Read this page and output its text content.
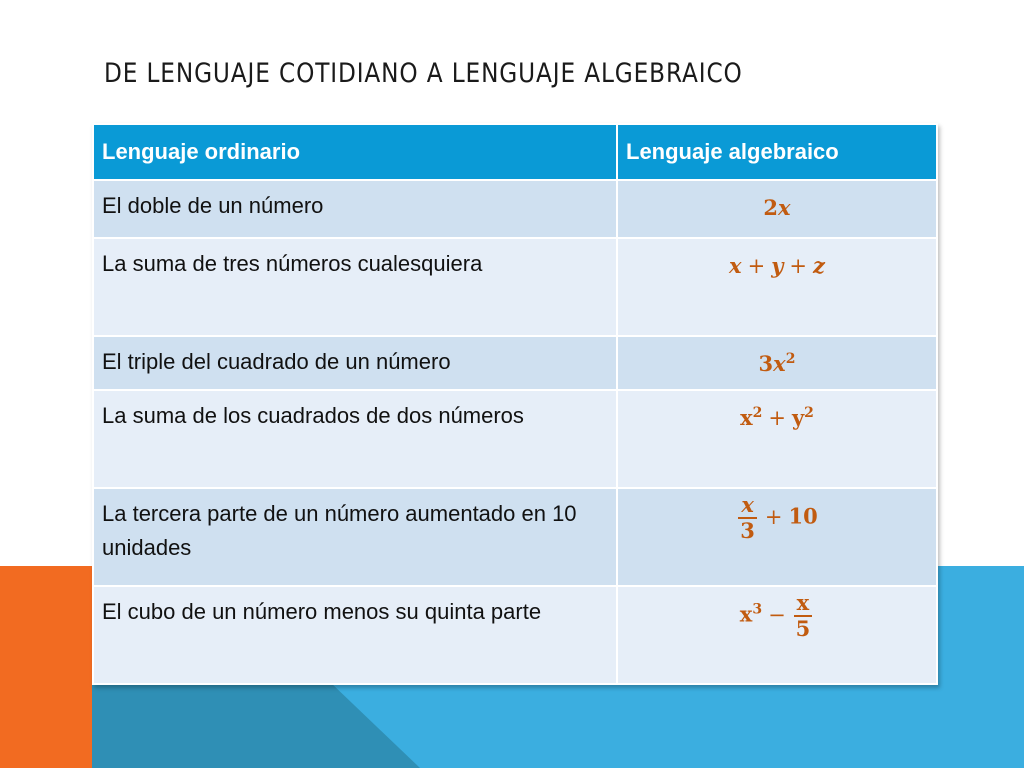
DE LENGUAJE COTIDIANO A LENGUAJE ALGEBRAICO
Lenguaje ordinario	Lenguaje algebraico
El doble de un número	2x
La suma de tres números cualesquiera	x + y + z
El triple del cuadrado de un número	$3x^2$
La suma de los cuadrados de dos números	$x^2 + y^2$
La tercera parte de un número aumentado en 10 unidades	$\frac{x}{3} + 10$
El cubo de un número menos su quinta parte	$x^3 - \frac{x}{5}$
